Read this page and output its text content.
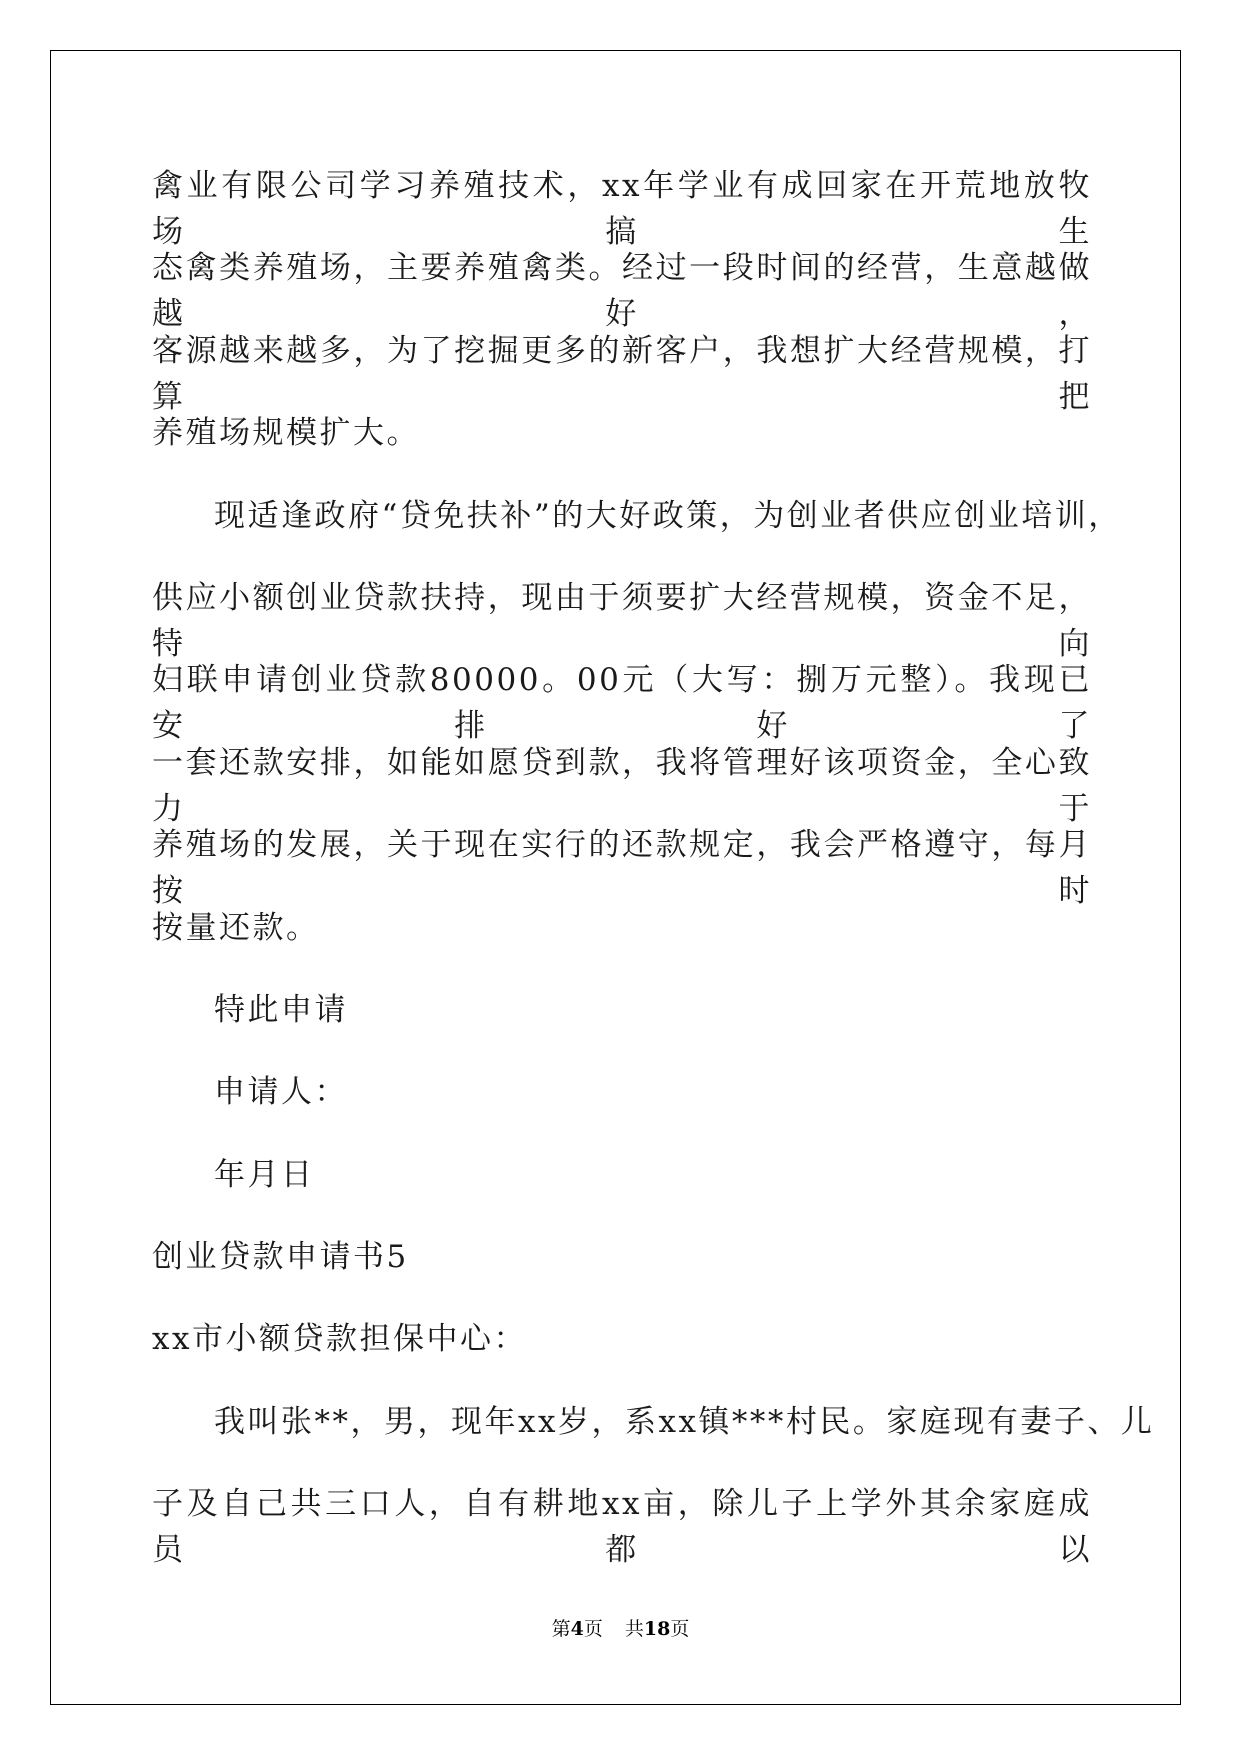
禽业有限公司学习养殖技术，xx年学业有成回家在开荒地放牧场搞生
态禽类养殖场，主要养殖禽类。经过一段时间的经营，生意越做越好，
客源越来越多，为了挖掘更多的新客户，我想扩大经营规模，打算把
养殖场规模扩大。
现适逢政府“贷免扶补”的大好政策，为创业者供应创业培训，
供应小额创业贷款扶持，现由于须要扩大经营规模，资金不足，特向
妇联申请创业贷款80000。00元（大写：捌万元整）。我现已安排好了
一套还款安排，如能如愿贷到款，我将管理好该项资金，全心致力于
养殖场的发展，关于现在实行的还款规定，我会严格遵守，每月按时
按量还款。
特此申请
申请人：
年月日
创业贷款申请书5
xx市小额贷款担保中心：
我叫张**，男，现年xx岁，系xx镇***村民。家庭现有妻子、儿
子及自己共三口人，自有耕地xx亩，除儿子上学外其余家庭成员都以
第4页 共18页
